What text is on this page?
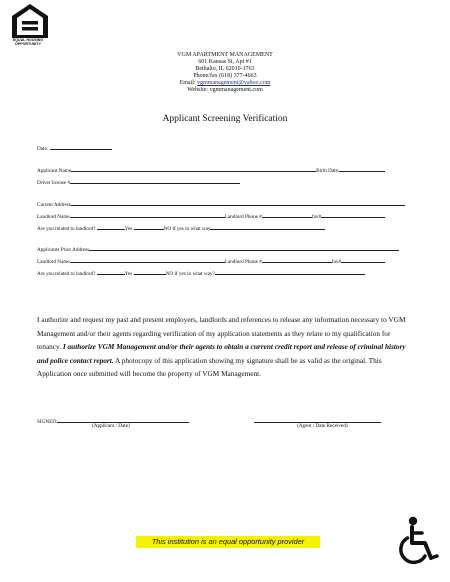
EQUAL HOUSING
OPPORTUNITY
VGM APARTMENT MANAGEMENT
601 Kansas St, Apt #1
Bethalto, IL 62010-1763
Phone/fax (618) 377-4663
Email: vgmmanagement@yahoo.com
Website: vgmmanagement.com
Applicant Screening Verification
Date:
Applicant Name	Birth Date:
Driver license #
Current Address
Landlord Name	Landlord Phone #	fax#
Are you related to landlord?	Yes	NO if yes in what way
Applicants Prior Address
Landlord Name	Landlord Phone #	fax#
Are you related to landlord?	Yes	NO if yes in what way?
I authorize and request my past and present employers, landlords and references to release any information necessary to VGM Management and/or their agents regarding verification of my application statements as they relate to my qualification for tenancy. I authorize VGM Management and/or their agents to obtain a current credit report and release of criminal history and police contact report. A photocopy of this application showing my signature shall be as valid as the original. This Application once submitted will become the property of VGM Management.
SIGNED:
(Applicant / Date)	(Agent / Date Received)
This institution is an equal opportunity provider
